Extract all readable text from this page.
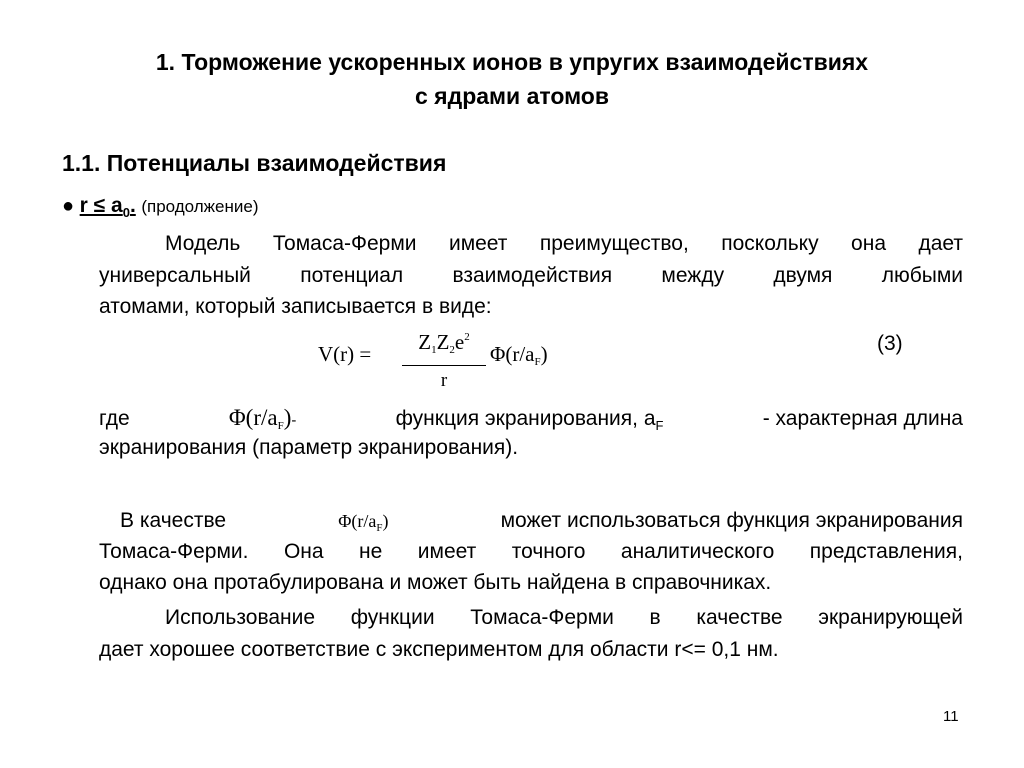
1. Торможение ускоренных ионов в упругих взаимодействиях
с ядрами атомов
1.1. Потенциалы взаимодействия
● $r \le a_0$. (продолжение)
Модель Томаса-Ферми имеет преимущество, поскольку она дает
универсальный потенциал взаимодействия между двумя любыми
атомами, который записывается в виде:
V(r) =	$Z_1Z_2e^2$
r
$\Phi(r/a_F)$	(3)
где	$\Phi(r/a_F)-$	функция экранирования, $a_F$	- характерная длина
экранирования (параметр экранирования).
В качестве	$\Phi(r/a_F)$	может использоваться функция экранирования
Томаса-Ферми. Она не имеет точного аналитического представления,
однако она протабулирована и может быть найдена в справочниках.
Использование функции Томаса-Ферми в качестве экранирующей
дает хорошее соответствие с экспериментом для области r<= 0,1 нм.
11
